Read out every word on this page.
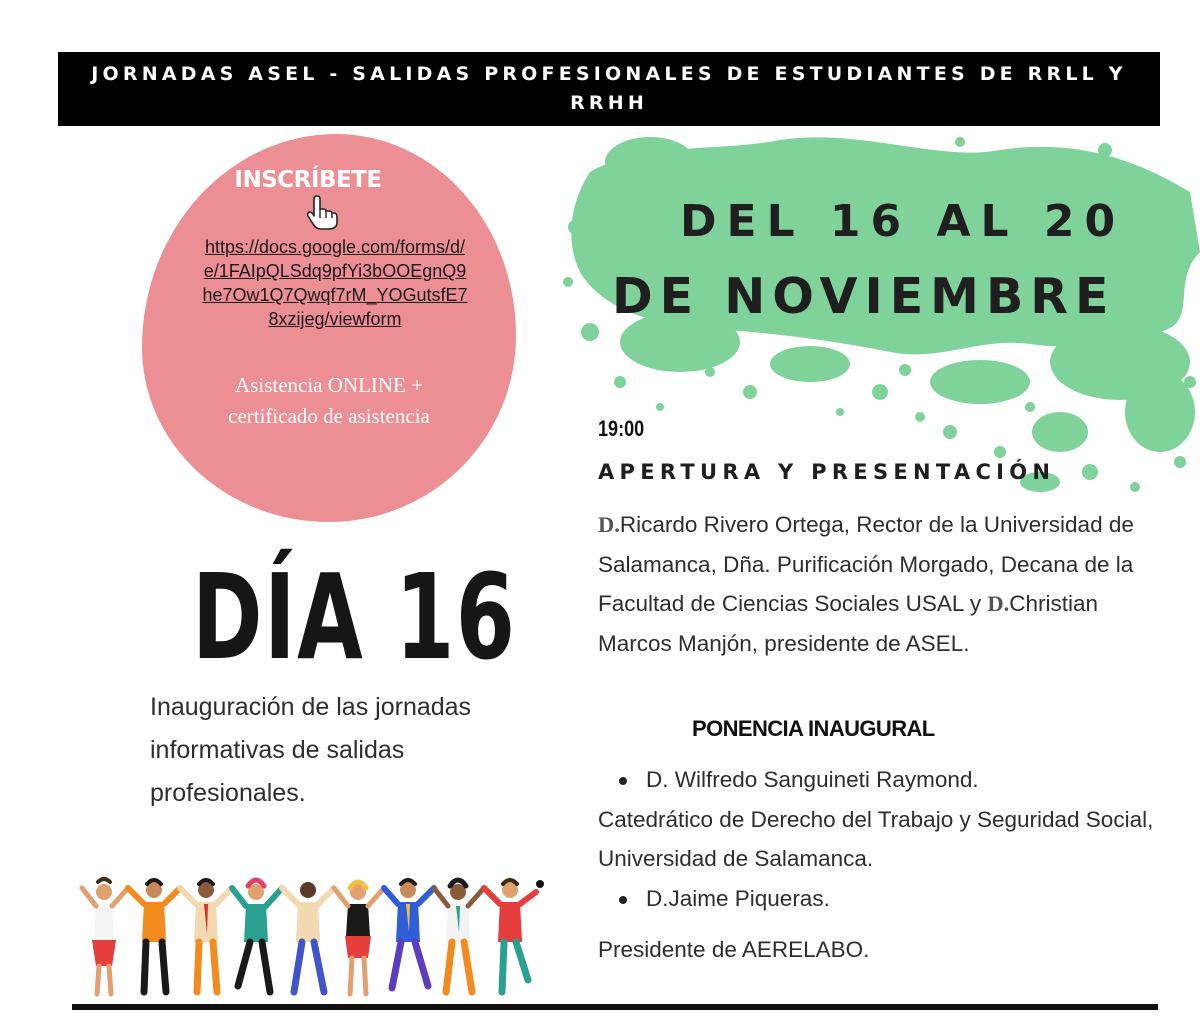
JORNADAS ASEL - SALIDAS PROFESIONALES DE ESTUDIANTES DE RRLL Y RRHH
INSCRÍBETE
https://docs.google.com/forms/d/e/1FAIpQLSdq9pfYi3bOOEgnQ9he7Ow1Q7Qwqf7rM_YOGutsfE78xzijeg/viewform
Asistencia ONLINE + certificado de asistencia
DEL 16 AL 20
DE NOVIEMBRE
19:00
APERTURA Y PRESENTACIÓN
D.Ricardo Rivero Ortega, Rector de la Universidad de Salamanca, Dña. Purificación Morgado, Decana de la Facultad de Ciencias Sociales USAL y D.Christian Marcos Manjón, presidente de ASEL.
PONENCIA INAUGURAL
D. Wilfredo Sanguineti Raymond.
Catedrático de Derecho del Trabajo y Seguridad Social, Universidad de Salamanca.
D.Jaime Piqueras.
Presidente de AERELABO.
DÍA 16
Inauguración de las jornadas informativas de salidas profesionales.
